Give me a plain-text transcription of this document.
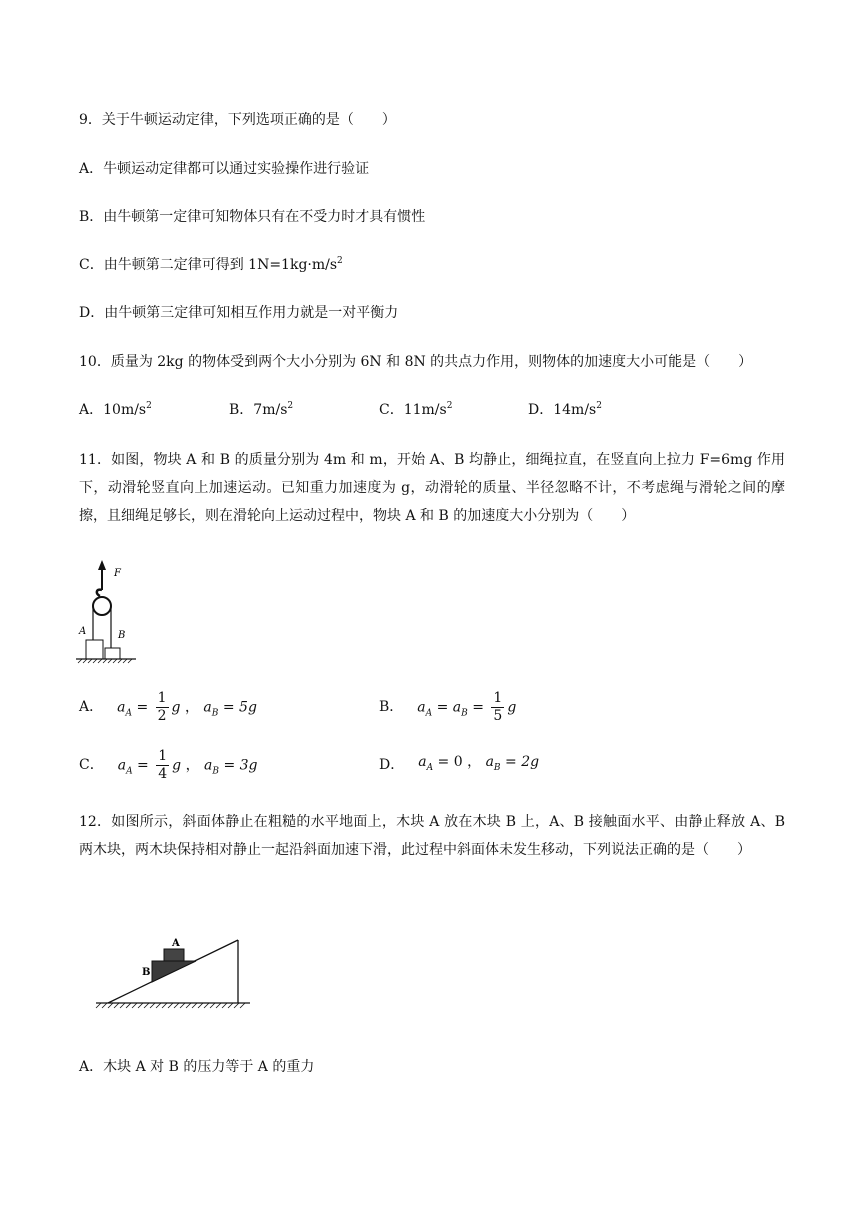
9．关于牛顿运动定律，下列选项正确的是（　　）
A．牛顿运动定律都可以通过实验操作进行验证
B．由牛顿第一定律可知物体只有在不受力时才具有惯性
C．由牛顿第二定律可得到 $1N=1kg\cdot m/s^2$
D．由牛顿第三定律可知相互作用力就是一对平衡力
10．质量为 2kg 的物体受到两个大小分别为 6N 和 8N 的共点力作用，则物体的加速度大小可能是（　　）
A．$10m/s^2$	B．$7m/s^2$	C．$11m/s^2$	D．$14m/s^2$
11．如图，物块 A 和 B 的质量分别为 4m 和 m，开始 A、B 均静止，细绳拉直，在竖直向上拉力 F=6mg 作用下，动滑轮竖直向上加速运动。已知重力加速度为 g，动滑轮的质量、半径忽略不计，不考虑绳与滑轮之间的摩擦，且细绳足够长，则在滑轮向上运动过程中，物块 A 和 B 的加速度大小分别为（　　）
F
A	B
A． $a_A = \frac{1}{2}$ g ， $a_B = 5g$	B． $a_A = a_B = \frac{1}{5}$ g
C． $a_A = \frac{1}{4}$ g ， $a_B = 3g$	D． $a_A = 0$ ， $a_B = 2g$
12．如图所示，斜面体静止在粗糙的水平地面上，木块 A 放在木块 B 上，A、B 接触面水平、由静止释放 A、B 两木块，两木块保持相对静止一起沿斜面加速下滑，此过程中斜面体未发生移动，下列说法正确的是（　　）
A
B
A．木块 A 对 B 的压力等于 A 的重力
